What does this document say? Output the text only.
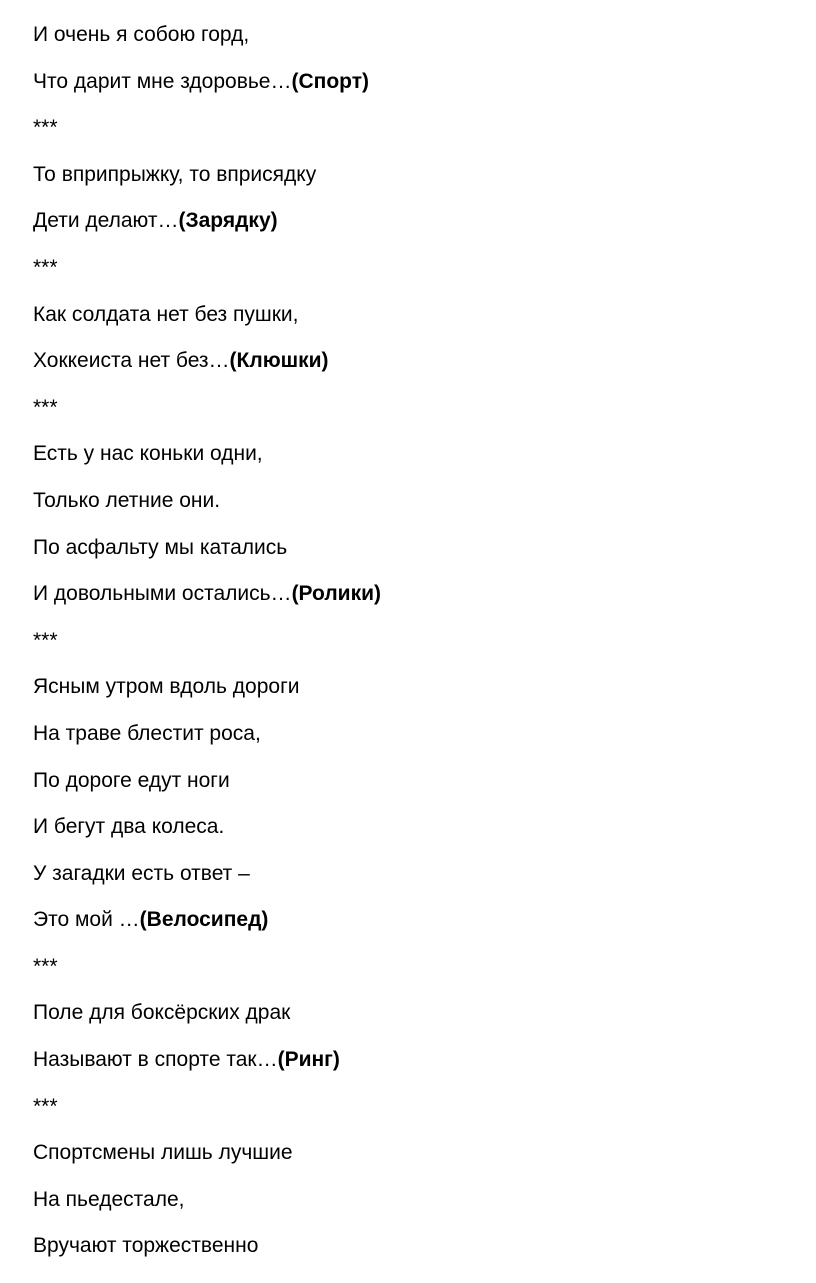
И очень я собою горд,
Что дарит мне здоровье…(Спорт)
***
То вприпрыжку, то вприсядку
Дети делают…(Зарядку)
***
Как солдата нет без пушки,
Хоккеиста нет без…(Клюшки)
***
Есть у нас коньки одни,
Только летние они.
По асфальту мы катались
И довольными остались…(Ролики)
***
Ясным утром вдоль дороги
На траве блестит роса,
По дороге едут ноги
И бегут два колеса.
У загадки есть ответ –
Это мой …(Велосипед)
***
Поле для боксёрских драк
Называют в спорте так…(Ринг)
***
Спортсмены лишь лучшие
На пьедестале,
Вручают торжественно
